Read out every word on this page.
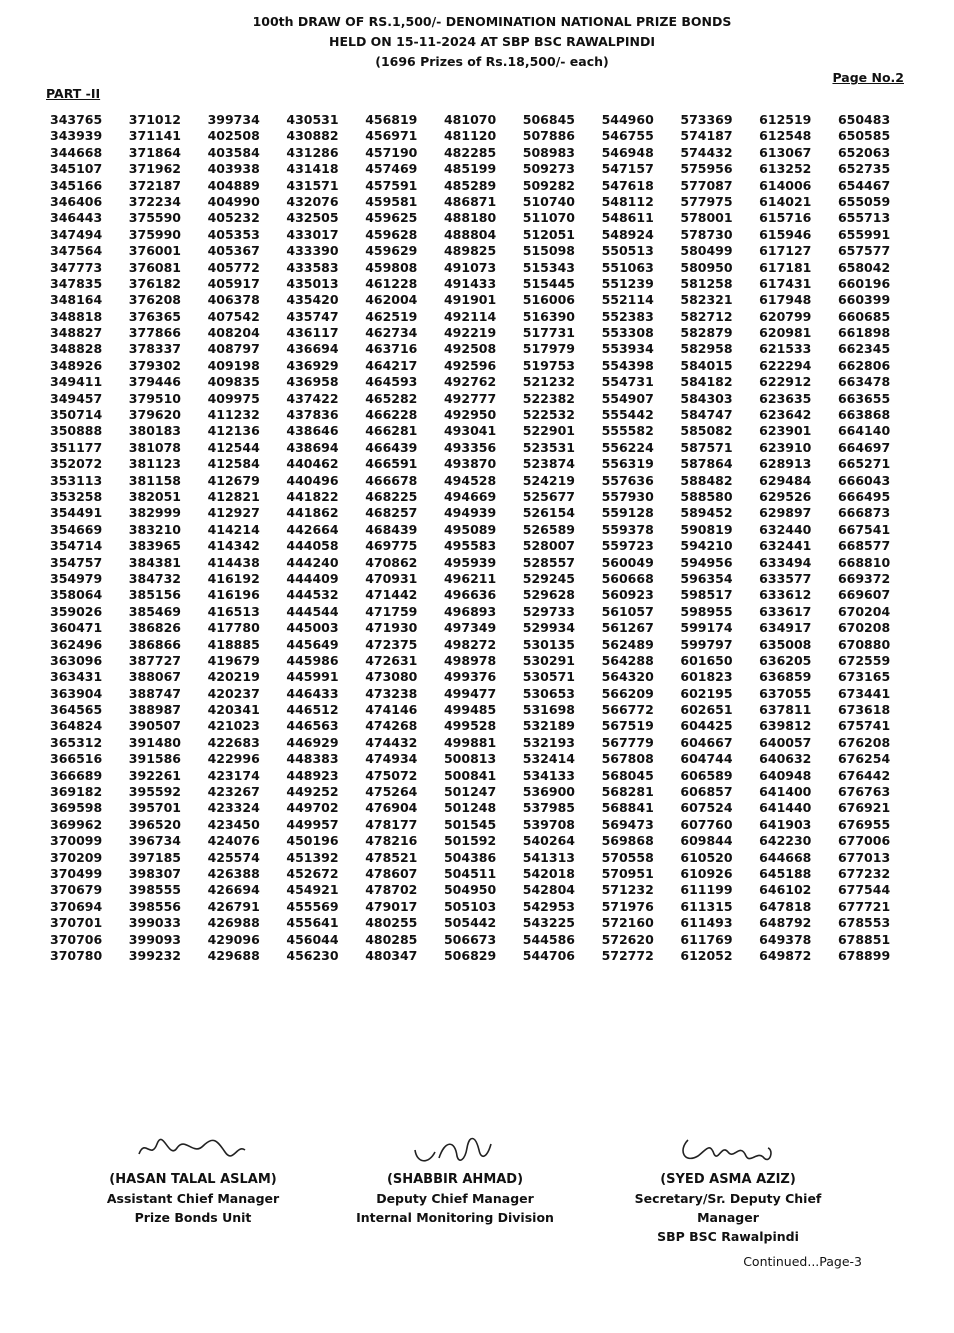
100th DRAW OF RS.1,500/- DENOMINATION NATIONAL PRIZE BONDS
HELD ON 15-11-2024 AT SBP BSC RAWALPINDI
(1696 Prizes of Rs.18,500/- each)
Page No.2
PART -II
343765
343939
344668
345107
345166
346406
346443
347494
347564
347773
347835
348164
348818
348827
348828
348926
349411
349457
350714
350888
351177
352072
353113
353258
354491
354669
354714
354757
354979
358064
359026
360471
362496
363096
363431
363904
364565
364824
365312
366516
366689
369182
369598
369962
370099
370209
370499
370679
370694
370701
370706
370780
371012
371141
371864
371962
372187
372234
375590
375990
376001
376081
376182
376208
376365
377866
378337
379302
379446
379510
379620
380183
381078
381123
381158
382051
382999
383210
383965
384381
384732
385156
385469
386826
386866
387727
388067
388747
388987
390507
391480
391586
392261
395592
395701
396520
396734
397185
398307
398555
398556
399033
399093
399232
399734
402508
403584
403938
404889
404990
405232
405353
405367
405772
405917
406378
407542
408204
408797
409198
409835
409975
411232
412136
412544
412584
412679
412821
412927
414214
414342
414438
416192
416196
416513
417780
418885
419679
420219
420237
420341
421023
422683
422996
423174
423267
423324
423450
424076
425574
426388
426694
426791
426988
429096
429688
430531
430882
431286
431418
431571
432076
432505
433017
433390
433583
435013
435420
435747
436117
436694
436929
436958
437422
437836
438646
438694
440462
440496
441822
441862
442664
444058
444240
444409
444532
444544
445003
445649
445986
445991
446433
446512
446563
446929
448383
448923
449252
449702
449957
450196
451392
452672
454921
455569
455641
456044
456230
456819
456971
457190
457469
457591
459581
459625
459628
459629
459808
461228
462004
462519
462734
463716
464217
464593
465282
466228
466281
466439
466591
466678
468225
468257
468439
469775
470862
470931
471442
471759
471930
472375
472631
473080
473238
474146
474268
474432
474934
475072
475264
476904
478177
478216
478521
478607
478702
479017
480255
480285
480347
481070
481120
482285
485199
485289
486871
488180
488804
489825
491073
491433
491901
492114
492219
492508
492596
492762
492777
492950
493041
493356
493870
494528
494669
494939
495089
495583
495939
496211
496636
496893
497349
498272
498978
499376
499477
499485
499528
499881
500813
500841
501247
501248
501545
501592
504386
504511
504950
505103
505442
506673
506829
506845
507886
508983
509273
509282
510740
511070
512051
515098
515343
515445
516006
516390
517731
517979
519753
521232
522382
522532
522901
523531
523874
524219
525677
526154
526589
528007
528557
529245
529628
529733
529934
530135
530291
530571
530653
531698
532189
532193
532414
534133
536900
537985
539708
540264
541313
542018
542804
542953
543225
544586
544706
544960
546755
546948
547157
547618
548112
548611
548924
550513
551063
551239
552114
552383
553308
553934
554398
554731
554907
555442
555582
556224
556319
557636
557930
559128
559378
559723
560049
560668
560923
561057
561267
562489
564288
564320
566209
566772
567519
567779
567808
568045
568281
568841
569473
569868
570558
570951
571232
571976
572160
572620
572772
573369
574187
574432
575956
577087
577975
578001
578730
580499
580950
581258
582321
582712
582879
582958
584015
584182
584303
584747
585082
587571
587864
588482
588580
589452
590819
594210
594956
596354
598517
598955
599174
599797
601650
601823
602195
602651
604425
604667
604744
606589
606857
607524
607760
609844
610520
610926
611199
611315
611493
611769
612052
612519
612548
613067
613252
614006
614021
615716
615946
617127
617181
617431
617948
620799
620981
621533
622294
622912
623635
623642
623901
623910
628913
629484
629526
629897
632440
632441
633494
633577
633612
633617
634917
635008
636205
636859
637055
637811
639812
640057
640632
640948
641400
641440
641903
642230
644668
645188
646102
647818
648792
649378
649872
650483
650585
652063
652735
654467
655059
655713
655991
657577
658042
660196
660399
660685
661898
662345
662806
663478
663655
663868
664140
664697
665271
666043
666495
666873
667541
668577
668810
669372
669607
670204
670208
670880
672559
673165
673441
673618
675741
676208
676254
676442
676763
676921
676955
677006
677013
677232
677544
677721
678553
678851
678899
(HASAN TALAL ASLAM)
Assistant Chief Manager
Prize Bonds Unit
(SHABBIR AHMAD)
Deputy Chief Manager
Internal Monitoring Division
(SYED ASMA AZIZ)
Secretary/Sr. Deputy Chief Manager
SBP BSC Rawalpindi
Continued...Page-3
